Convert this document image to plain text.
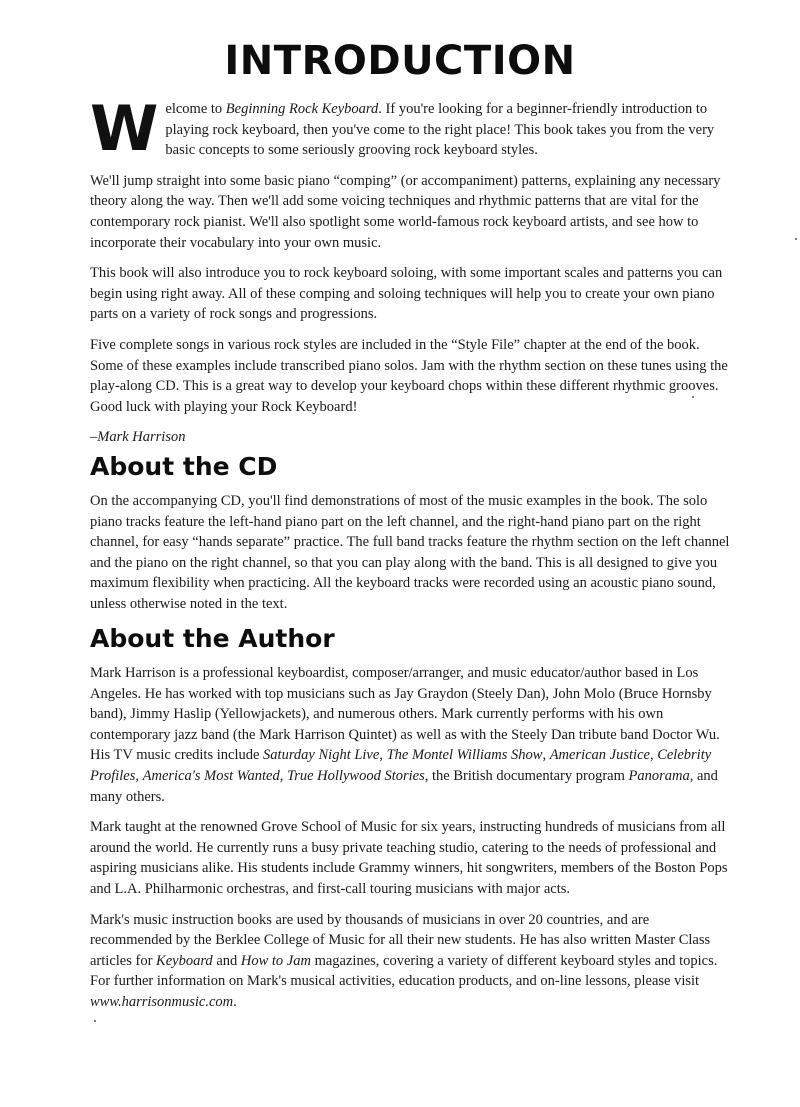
INTRODUCTION

Welcome to Beginning Rock Keyboard. If you're looking for a beginner-friendly introduction to playing rock keyboard, then you've come to the right place! This book takes you from the very basic concepts to some seriously grooving rock keyboard styles.

We'll jump straight into some basic piano “comping” (or accompaniment) patterns, explaining any necessary theory along the way. Then we'll add some voicing techniques and rhythmic patterns that are vital for the contemporary rock pianist. We'll also spotlight some world-famous rock keyboard artists, and see how to incorporate their vocabulary into your own music.

This book will also introduce you to rock keyboard soloing, with some important scales and patterns you can begin using right away. All of these comping and soloing techniques will help you to create your own piano parts on a variety of rock songs and progressions.

Five complete songs in various rock styles are included in the “Style File” chapter at the end of the book. Some of these examples include transcribed piano solos. Jam with the rhythm section on these tunes using the play-along CD. This is a great way to develop your keyboard chops within these different rhythmic grooves. Good luck with playing your Rock Keyboard!

–Mark Harrison

About the CD

On the accompanying CD, you'll find demonstrations of most of the music examples in the book. The solo piano tracks feature the left-hand piano part on the left channel, and the right-hand piano part on the right channel, for easy “hands separate” practice. The full band tracks feature the rhythm section on the left channel and the piano on the right channel, so that you can play along with the band. This is all designed to give you maximum flexibility when practicing. All the keyboard tracks were recorded using an acoustic piano sound, unless otherwise noted in the text.

About the Author

Mark Harrison is a professional keyboardist, composer/arranger, and music educator/author based in Los Angeles. He has worked with top musicians such as Jay Graydon (Steely Dan), John Molo (Bruce Hornsby band), Jimmy Haslip (Yellowjackets), and numerous others. Mark currently performs with his own contemporary jazz band (the Mark Harrison Quintet) as well as with the Steely Dan tribute band Doctor Wu. His TV music credits include Saturday Night Live, The Montel Williams Show, American Justice, Celebrity Profiles, America's Most Wanted, True Hollywood Stories, the British documentary program Panorama, and many others.

Mark taught at the renowned Grove School of Music for six years, instructing hundreds of musicians from all around the world. He currently runs a busy private teaching studio, catering to the needs of professional and aspiring musicians alike. His students include Grammy winners, hit songwriters, members of the Boston Pops and L.A. Philharmonic orchestras, and first-call touring musicians with major acts.

Mark's music instruction books are used by thousands of musicians in over 20 countries, and are recommended by the Berklee College of Music for all their new students. He has also written Master Class articles for Keyboard and How to Jam magazines, covering a variety of different keyboard styles and topics. For further information on Mark's musical activities, education products, and on-line lessons, please visit www.harrisonmusic.com.
